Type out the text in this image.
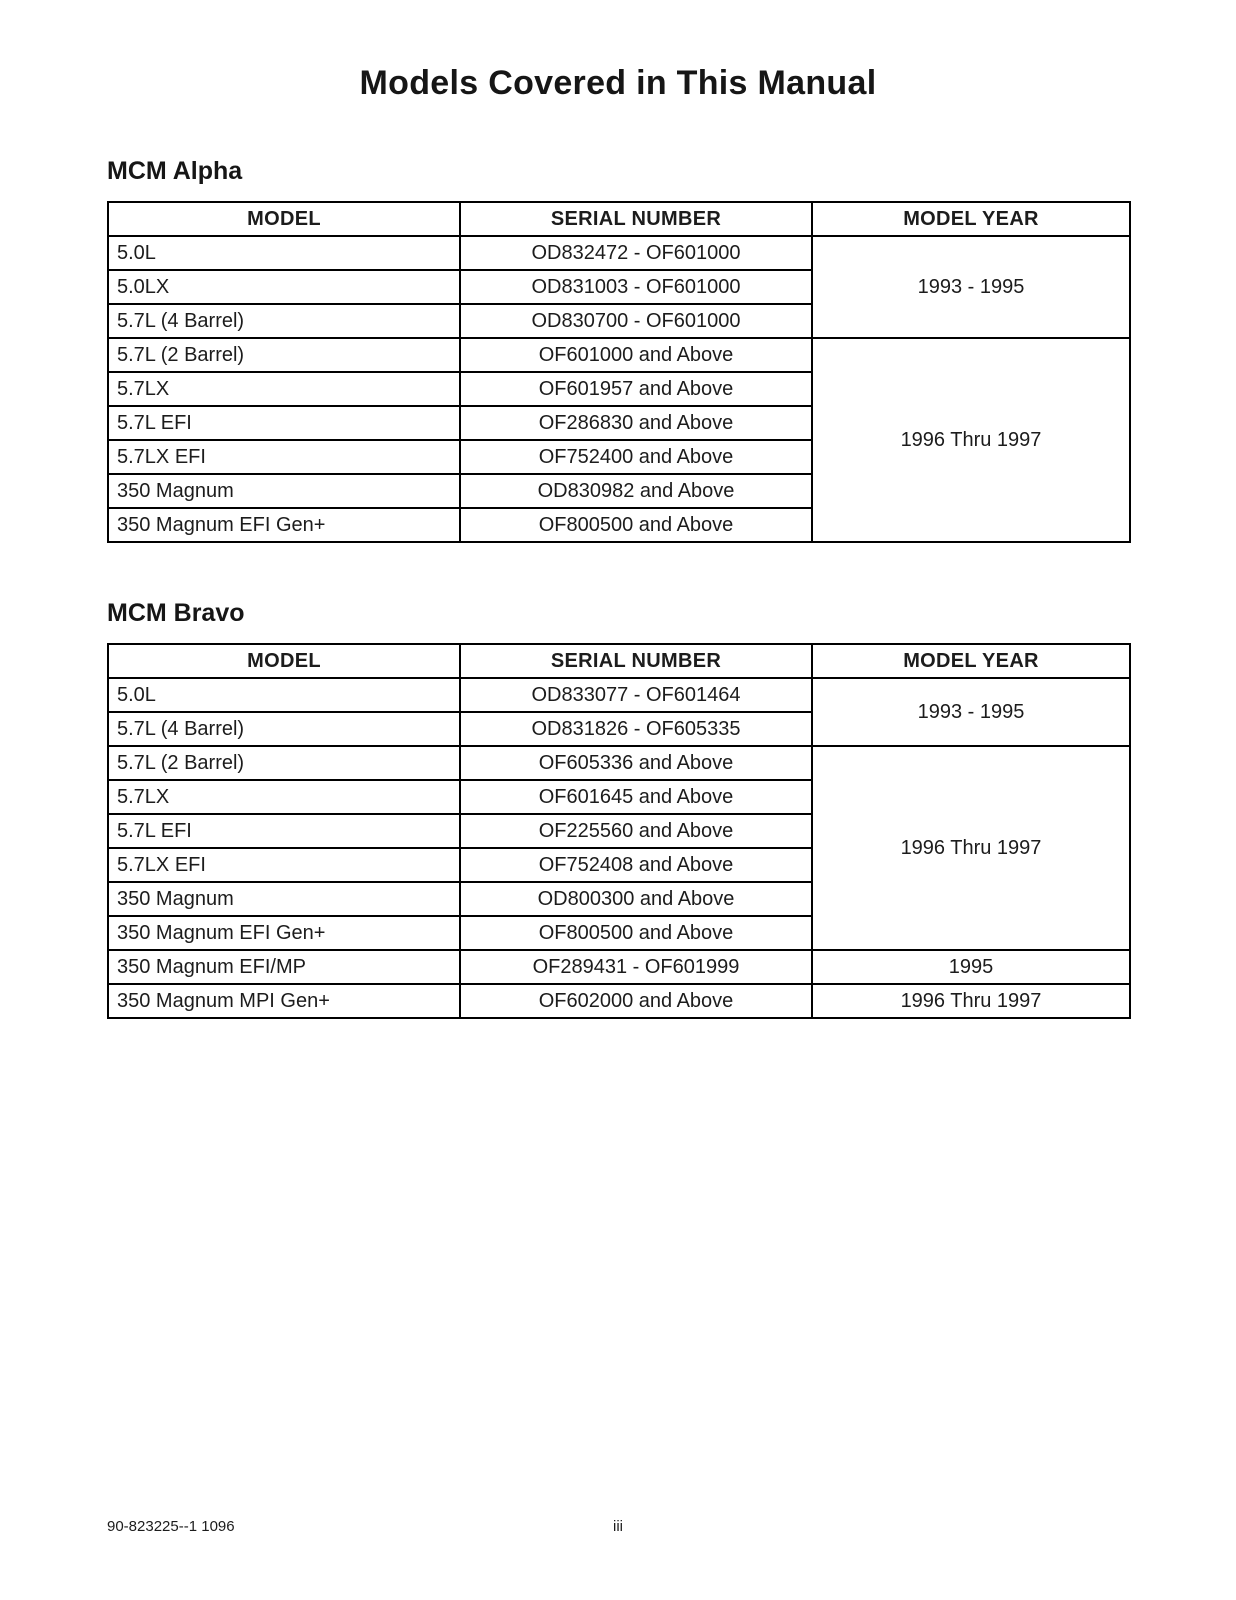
Models Covered in This Manual
MCM Alpha
MODEL	SERIAL NUMBER	MODEL YEAR
5.0L	OD832472 - OF601000	1993 - 1995
5.0LX	OD831003 - OF601000	
5.7L (4 Barrel)	OD830700 - OF601000	
5.7L (2 Barrel)	OF601000 and Above	1996 Thru 1997
5.7LX	OF601957 and Above	
5.7L EFI	OF286830 and Above	
5.7LX EFI	OF752400 and Above	
350 Magnum	OD830982 and Above	
350 Magnum EFI Gen+	OF800500 and Above	
MCM Bravo
MODEL	SERIAL NUMBER	MODEL YEAR
5.0L	OD833077 - OF601464	1993 - 1995
5.7L (4 Barrel)	OD831826 - OF605335	
5.7L (2 Barrel)	OF605336 and Above	1996 Thru 1997
5.7LX	OF601645 and Above	
5.7L EFI	OF225560 and Above	
5.7LX EFI	OF752408 and Above	
350 Magnum	OD800300 and Above	
350 Magnum EFI Gen+	OF800500 and Above	
350 Magnum EFI/MP	OF289431 - OF601999	1995
350 Magnum MPI Gen+	OF602000 and Above	1996 Thru 1997
90-823225--1 1096	iii
